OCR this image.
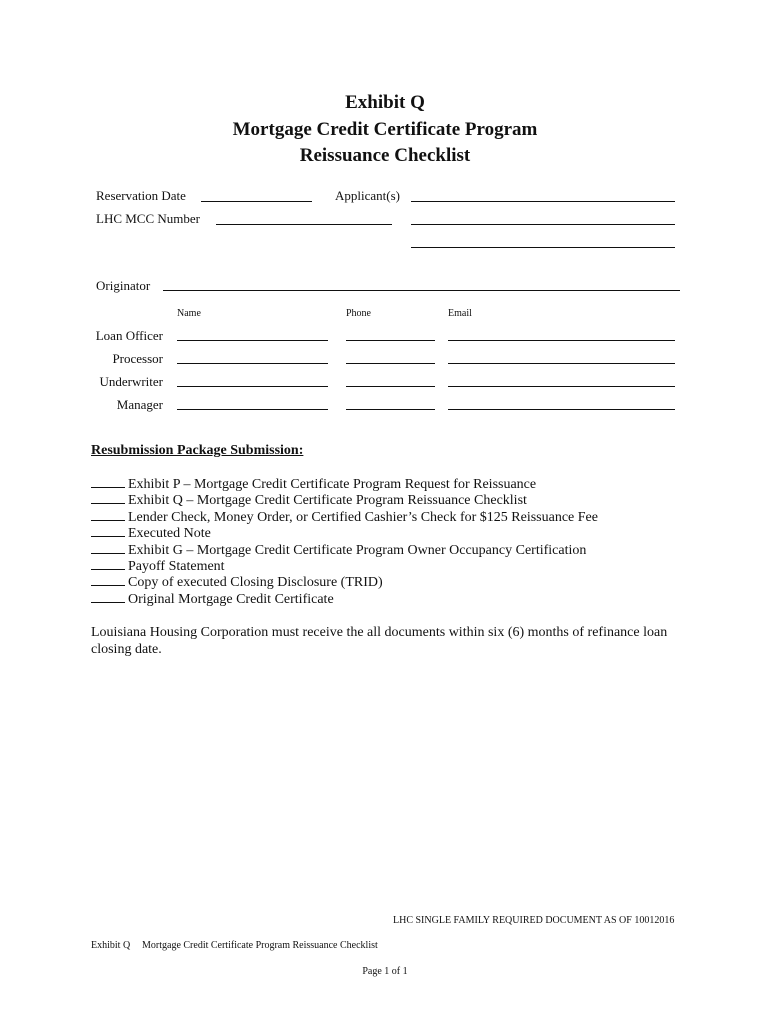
Exhibit Q
Mortgage Credit Certificate Program
Reissuance Checklist
Reservation Date	Applicant(s)
LHC MCC Number
Originator
Name	Phone	Email
Loan Officer
Processor
Underwriter
Manager
Resubmission Package Submission:
Exhibit P – Mortgage Credit Certificate Program Request for Reissuance
Exhibit Q – Mortgage Credit Certificate Program Reissuance Checklist
Lender Check, Money Order, or Certified Cashier’s Check for $125 Reissuance Fee
Executed Note
Exhibit G – Mortgage Credit Certificate Program Owner Occupancy Certification
Payoff Statement
Copy of executed Closing Disclosure (TRID)
Original Mortgage Credit Certificate
Louisiana Housing Corporation must receive the all documents within six (6) months of refinance loan closing date.
LHC SINGLE FAMILY REQUIRED DOCUMENT AS OF 10012016
Exhibit Q Mortgage Credit Certificate Program Reissuance Checklist
Page 1 of 1
